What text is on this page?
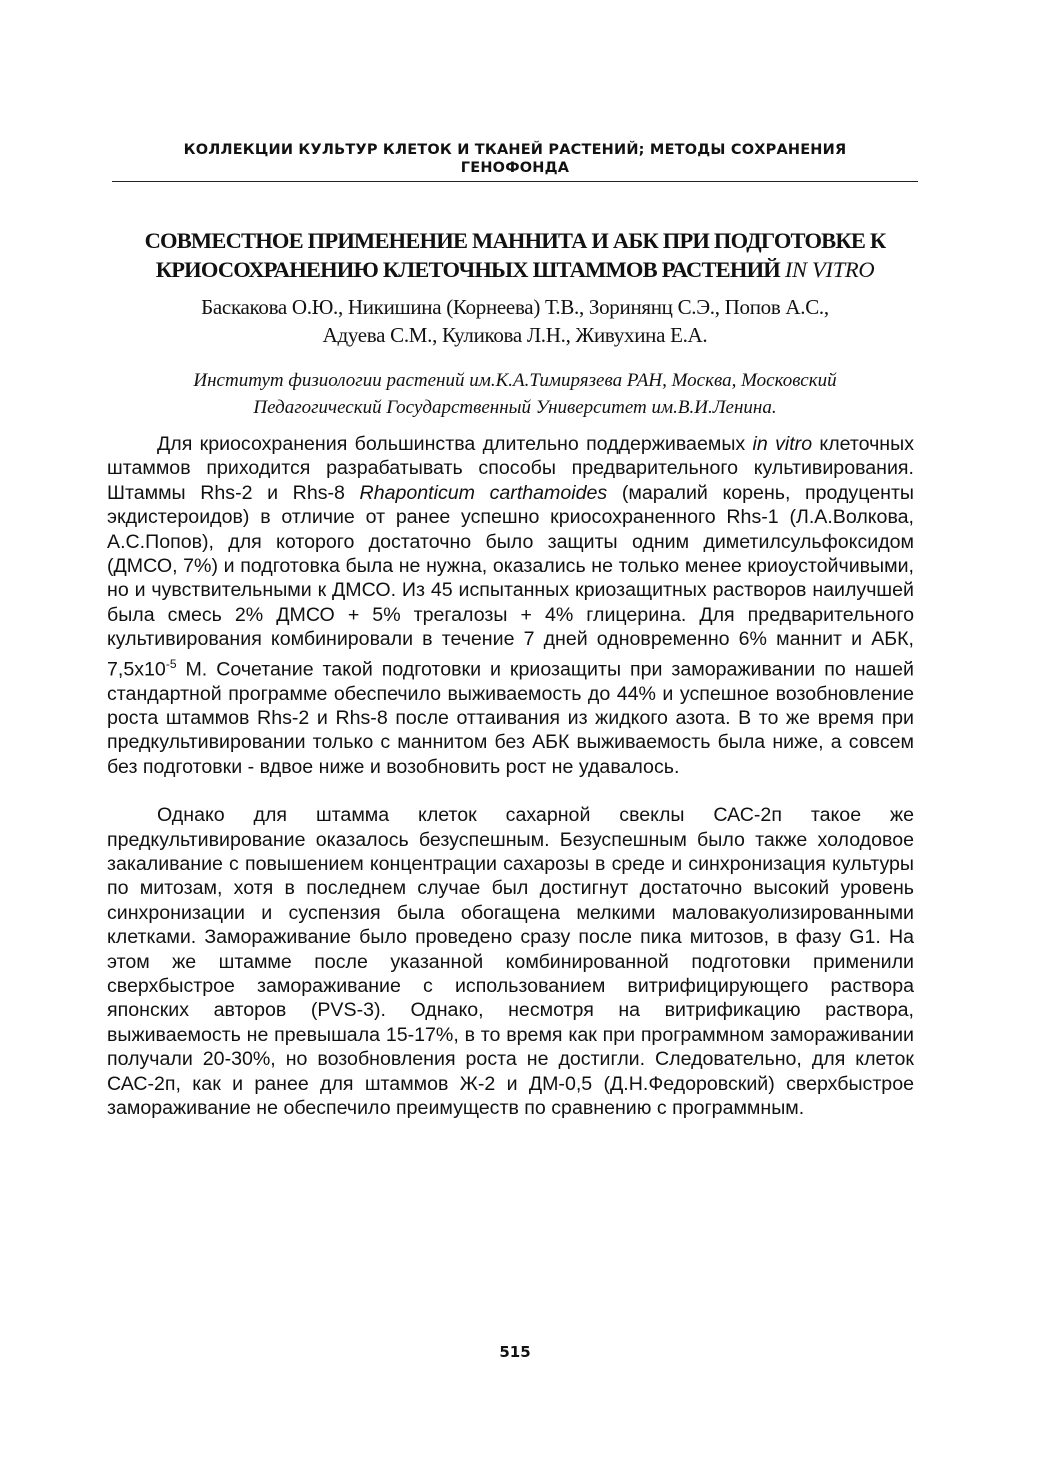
КОЛЛЕКЦИИ КУЛЬТУР КЛЕТОК И ТКАНЕЙ РАСТЕНИЙ; МЕТОДЫ СОХРАНЕНИЯ
ГЕНОФОНДА
СОВМЕСТНОЕ ПРИМЕНЕНИЕ МАННИТА И АБК ПРИ ПОДГОТОВКЕ К
КРИОСОХРАНЕНИЮ КЛЕТОЧНЫХ ШТАММОВ РАСТЕНИЙ IN VITRO
Баскакова О.Ю., Никишина (Корнеева) Т.В., Зоринянц С.Э., Попов А.С.,
Адуева С.М., Куликова Л.Н., Живухина Е.А.
Институт физиологии растений им.К.А.Тимирязева РАН, Москва, Московский
Педагогический Государственный Университет им.В.И.Ленина.

Для криосохранения большинства длительно поддерживаемых in vitro клеточных штаммов приходится разрабатывать способы предварительного культивирования. Штаммы Rhs-2 и Rhs-8 Rhaponticum carthamoides (маралий корень, продуценты экдистероидов) в отличие от ранее успешно криосохраненного Rhs-1 (Л.А.Волкова, А.С.Попов), для которого достаточно было защиты одним диметилсульфоксидом (ДМСО, 7%) и подготовка была не нужна, оказались не только менее криоустойчивыми, но и чувствительными к ДМСО. Из 45 испытанных криозащитных растворов наилучшей была смесь 2% ДМСО + 5% трегалозы + 4% глицерина. Для предварительного культивирования комбинировали в течение 7 дней одновременно 6% маннит и АБК, $7,5x10^{-5}$ М. Сочетание такой подготовки и криозащиты при замораживании по нашей стандартной программе обеспечило выживаемость до 44% и успешное возобновление роста штаммов Rhs-2 и Rhs-8 после оттаивания из жидкого азота. В то же время при предкультивировании только с маннитом без АБК выживаемость была ниже, а совсем без подготовки - вдвое ниже и возобновить рост не удавалось.

Однако для штамма клеток сахарной свеклы САС-2п такое же предкультивирование оказалось безуспешным. Безуспешным было также холодовое закаливание с повышением концентрации сахарозы в среде и синхронизация культуры по митозам, хотя в последнем случае был достигнут достаточно высокий уровень синхронизации и суспензия была обогащена мелкими маловакуолизированными клетками. Замораживание было проведено сразу после пика митозов, в фазу G1. На этом же штамме после указанной комбинированной подготовки применили сверхбыстрое замораживание с использованием витрифицирующего раствора японских авторов (PVS-3). Однако, несмотря на витрификацию раствора, выживаемость не превышала 15-17%, в то время как при программном замораживании получали 20-30%, но возобновления роста не достигли. Следовательно, для клеток САС-2п, как и ранее для штаммов Ж-2 и ДМ-0,5 (Д.Н.Федоровский) сверхбыстрое замораживание не обеспечило преимуществ по сравнению с программным.

515
